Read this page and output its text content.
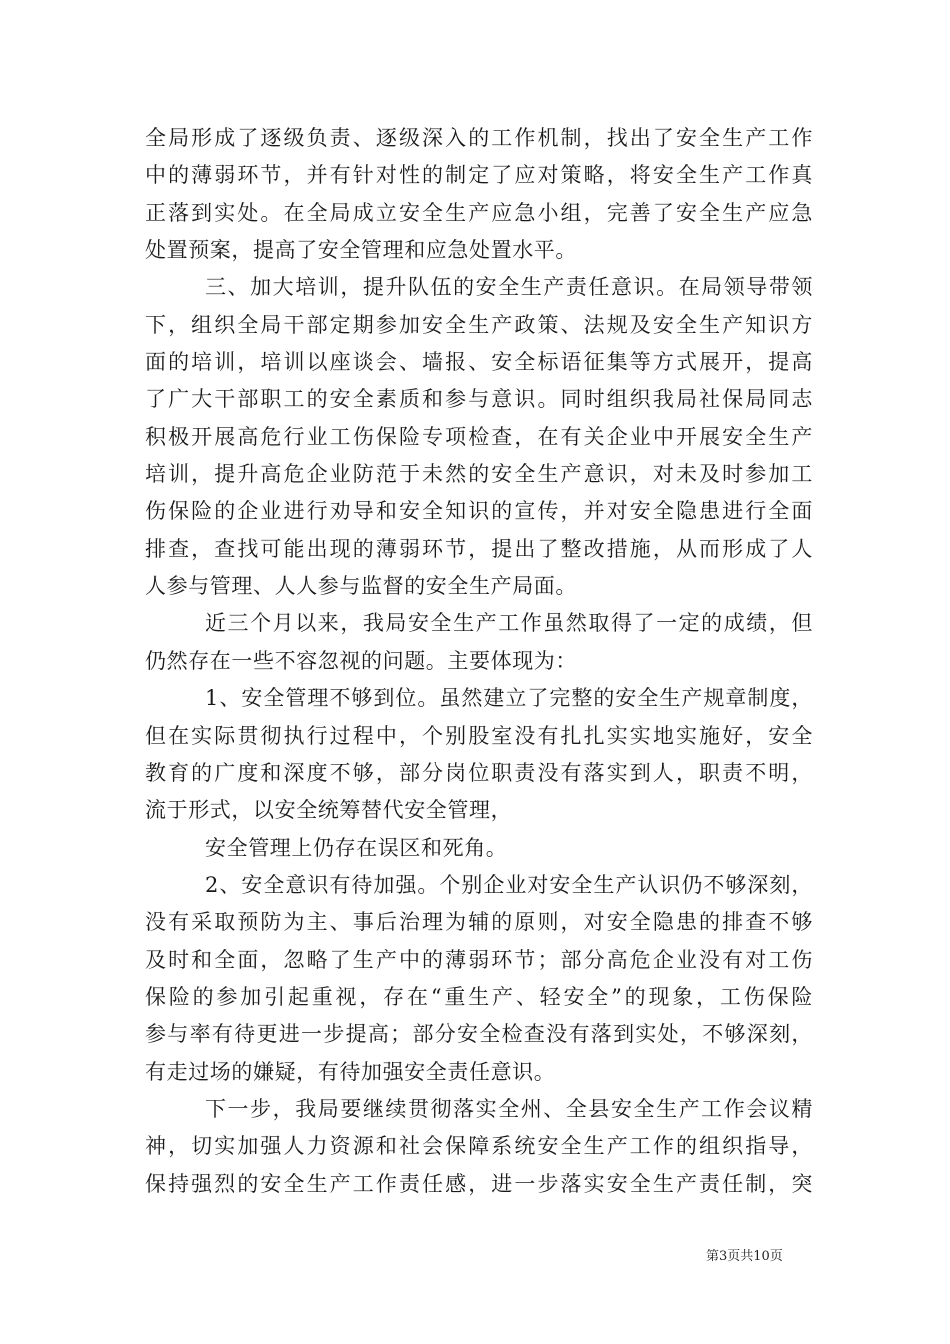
全局形成了逐级负责、逐级深入的工作机制，找出了安全生产工作
中的薄弱环节，并有针对性的制定了应对策略，将安全生产工作真
正落到实处。在全局成立安全生产应急小组，完善了安全生产应急
处置预案，提高了安全管理和应急处置水平。
三、加大培训，提升队伍的安全生产责任意识。在局领导带领
下，组织全局干部定期参加安全生产政策、法规及安全生产知识方
面的培训，培训以座谈会、墙报、安全标语征集等方式展开，提高
了广大干部职工的安全素质和参与意识。同时组织我局社保局同志
积极开展高危行业工伤保险专项检查，在有关企业中开展安全生产
培训，提升高危企业防范于未然的安全生产意识，对未及时参加工
伤保险的企业进行劝导和安全知识的宣传，并对安全隐患进行全面
排查，查找可能出现的薄弱环节，提出了整改措施，从而形成了人
人参与管理、人人参与监督的安全生产局面。
近三个月以来，我局安全生产工作虽然取得了一定的成绩，但
仍然存在一些不容忽视的问题。主要体现为：
1、安全管理不够到位。虽然建立了完整的安全生产规章制度，
但在实际贯彻执行过程中，个别股室没有扎扎实实地实施好，安全
教育的广度和深度不够，部分岗位职责没有落实到人，职责不明，
流于形式，以安全统筹替代安全管理，
安全管理上仍存在误区和死角。
2、安全意识有待加强。个别企业对安全生产认识仍不够深刻，
没有采取预防为主、事后治理为辅的原则，对安全隐患的排查不够
及时和全面，忽略了生产中的薄弱环节；部分高危企业没有对工伤
保险的参加引起重视，存在“重生产、轻安全”的现象，工伤保险
参与率有待更进一步提高；部分安全检查没有落到实处，不够深刻，
有走过场的嫌疑，有待加强安全责任意识。
下一步，我局要继续贯彻落实全州、全县安全生产工作会议精
神，切实加强人力资源和社会保障系统安全生产工作的组织指导，
保持强烈的安全生产工作责任感，进一步落实安全生产责任制，突
第3页共10页
